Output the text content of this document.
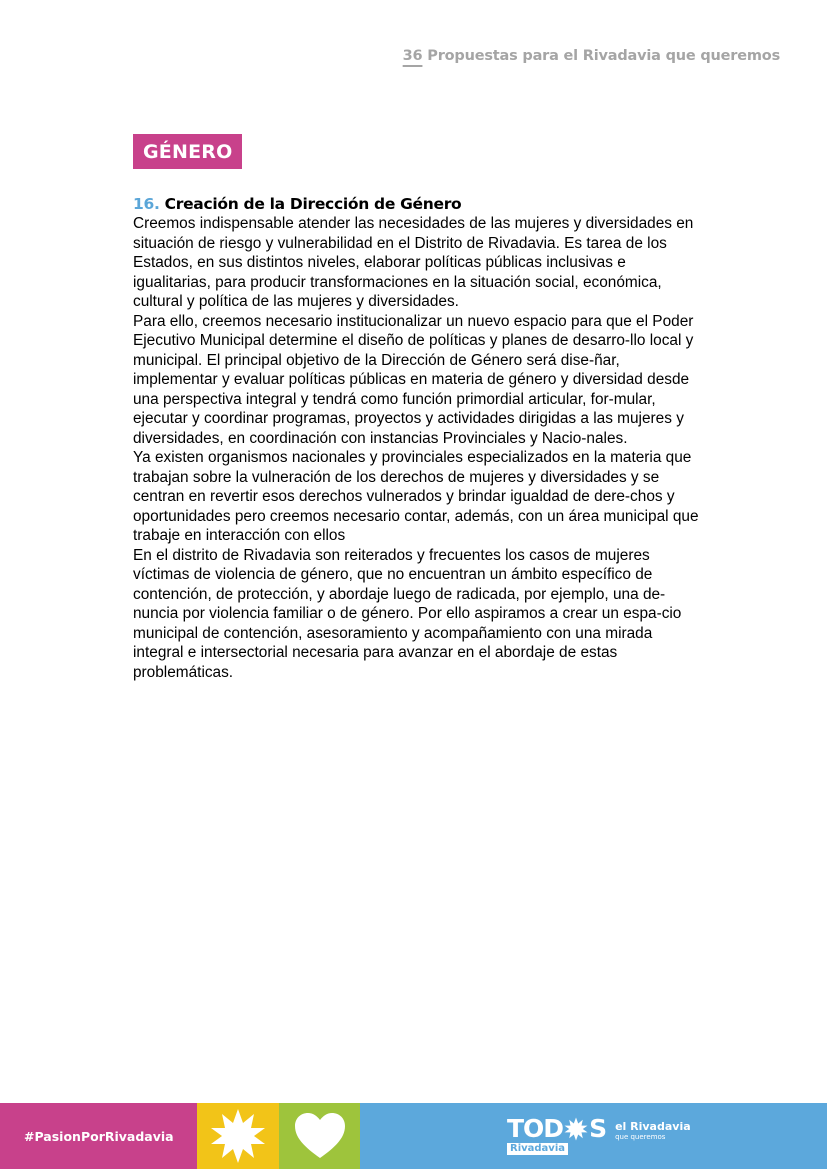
36 Propuestas para el Rivadavia que queremos
GÉNERO
16. Creación de la Dirección de Género

Creemos indispensable atender las necesidades de las mujeres y diversidades en situación de riesgo y vulnerabilidad en el Distrito de Rivadavia. Es tarea de los Estados, en sus distintos niveles, elaborar políticas públicas inclusivas e igualitarias, para producir transformaciones en la situación social, económica, cultural y política de las mujeres y diversidades.

Para ello, creemos necesario institucionalizar un nuevo espacio para que el Poder Ejecutivo Municipal determine el diseño de políticas y planes de desarro-llo local y municipal. El principal objetivo de la Dirección de Género será dise-ñar, implementar y evaluar políticas públicas en materia de género y diversidad desde una perspectiva integral y tendrá como función primordial articular, for-mular, ejecutar y coordinar programas, proyectos y actividades dirigidas a las mujeres y diversidades, en coordinación con instancias Provinciales y Nacio-nales.

Ya existen organismos nacionales y provinciales especializados en la materia que trabajan sobre la vulneración de los derechos de mujeres y diversidades y se centran en revertir esos derechos vulnerados y brindar igualdad de dere-chos y oportunidades pero creemos necesario contar, además, con un área municipal que trabaje en interacción con ellos

En el distrito de Rivadavia son reiterados y frecuentes los casos de mujeres víctimas de violencia de género, que no encuentran un ámbito específico de contención, de protección, y abordaje luego de radicada, por ejemplo, una de-nuncia por violencia familiar o de género. Por ello aspiramos a crear un espa-cio municipal de contención, asesoramiento y acompañamiento con una mirada integral e intersectorial necesaria para avanzar en el abordaje de estas problemáticas.

#PasionPorRivadavia	TOD S
Rivadavia
el Rivadavia
que queremos
